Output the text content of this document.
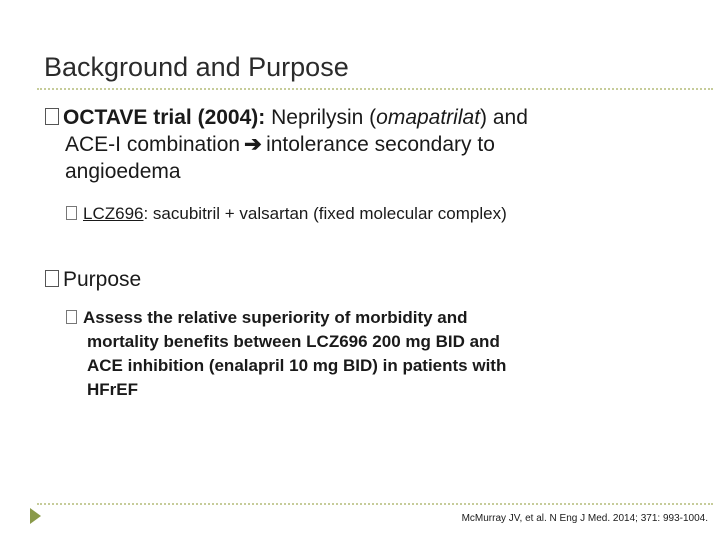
Background and Purpose
OCTAVE trial (2004): Neprilysin (omapatrilat) and
ACE-I combination ➔ intolerance secondary to
angioedema
LCZ696: sacubitril + valsartan (fixed molecular complex)
Purpose
Assess the relative superiority of morbidity and
mortality benefits between LCZ696 200 mg BID and
ACE inhibition (enalapril 10 mg BID) in patients with
HFrEF
McMurray JV, et al. N Eng J Med. 2014; 371: 993-1004.
